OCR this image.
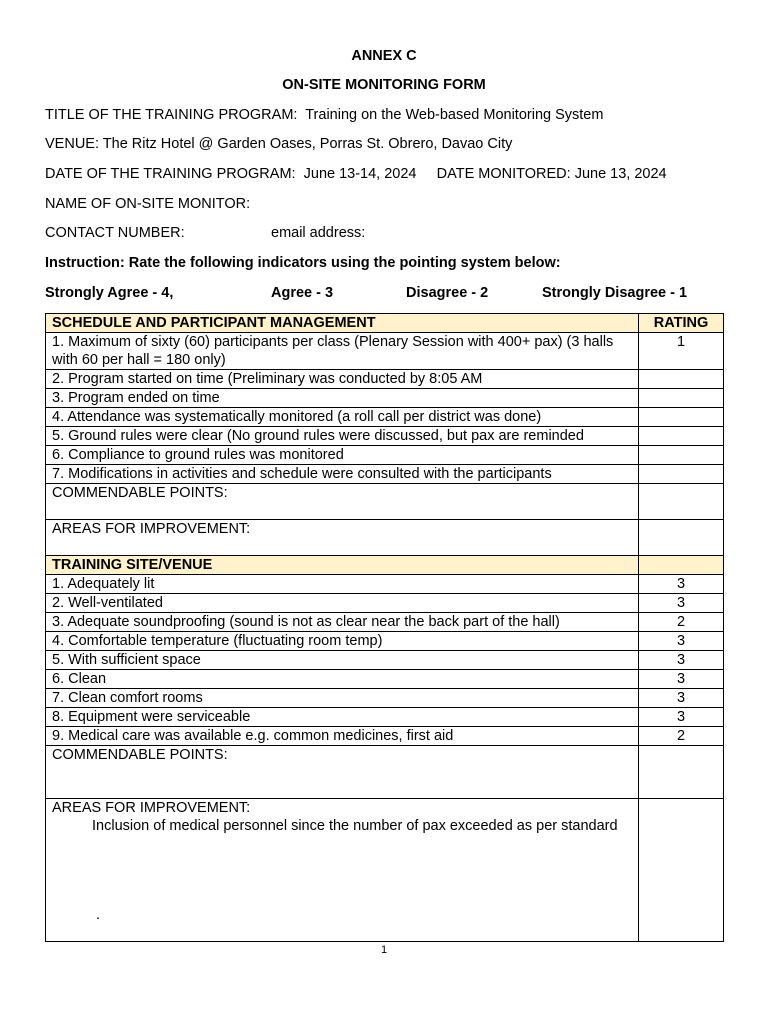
ANNEX C
ON-SITE MONITORING FORM
TITLE OF THE TRAINING PROGRAM: Training on the Web-based Monitoring System
VENUE: The Ritz Hotel @ Garden Oases, Porras St. Obrero, Davao City
DATE OF THE TRAINING PROGRAM: June 13-14, 2024 DATE MONITORED: June 13, 2024
NAME OF ON-SITE MONITOR:
CONTACT NUMBER:	email address:
Instruction: Rate the following indicators using the pointing system below:

Strongly Agree - 4,

	Agree - 3

	Disagree - 2

	Strongly Disagree - 1

SCHEDULE AND PARTICIPANT MANAGEMENT	RATING
1. Maximum of sixty (60) participants per class (Plenary Session with 400+ pax) (3 halls with 60 per hall = 180 only)	1
2. Program started on time (Preliminary was conducted by 8:05 AM	
3. Program ended on time	
4. Attendance was systematically monitored (a roll call per district was done)	
5. Ground rules were clear (No ground rules were discussed, but pax are reminded	
6. Compliance to ground rules was monitored	
7. Modifications in activities and schedule were consulted with the participants	
COMMENDABLE POINTS:	
AREAS FOR IMPROVEMENT:	
TRAINING SITE/VENUE	
1. Adequately lit	3
2. Well-ventilated	3
3. Adequate soundproofing (sound is not as clear near the back part of the hall)	2
4. Comfortable temperature (fluctuating room temp)	3
5. With sufficient space	3
6. Clean	3
7. Clean comfort rooms	3
8. Equipment were serviceable	3
9. Medical care was available e.g. common medicines, first aid	2
COMMENDABLE POINTS:	

AREAS FOR IMPROVEMENT:
Inclusion of medical personnel since the number of pax exceeded as per standard
.	

1
